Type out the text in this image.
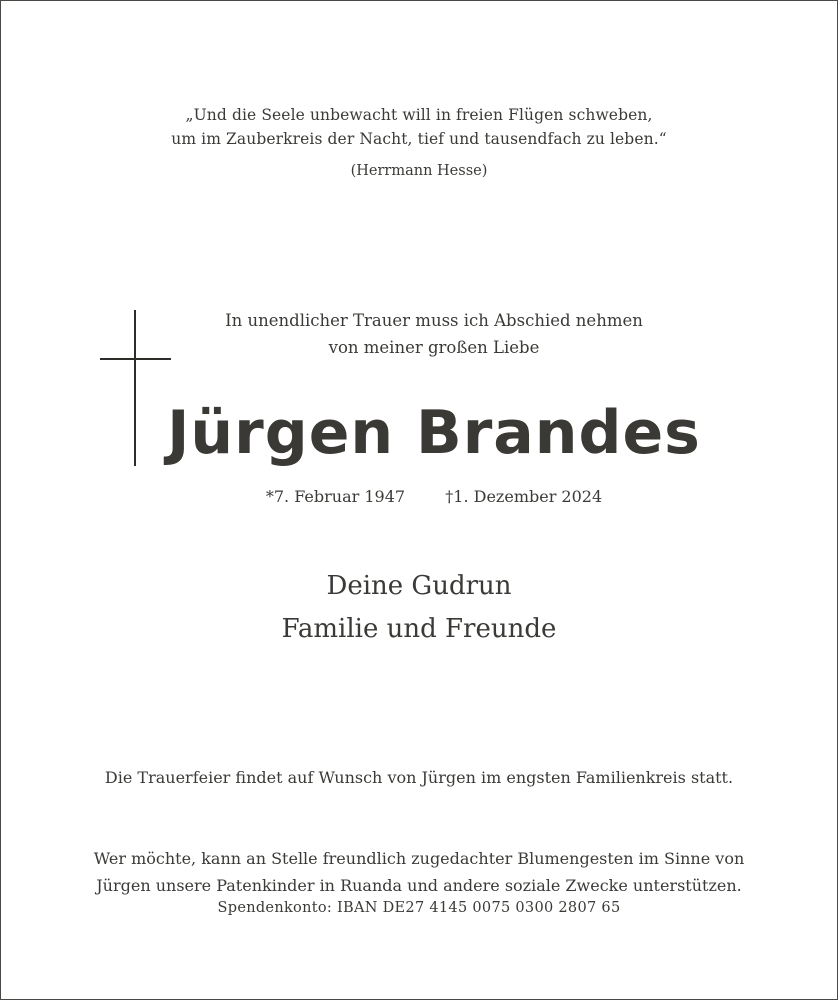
„Und die Seele unbewacht will in freien Flügen schweben,
um im Zauberkreis der Nacht, tief und tausendfach zu leben.“
(Herrmann Hesse)
In unendlicher Trauer muss ich Abschied nehmen
von meiner großen Liebe
Jürgen Brandes
*7. Februar 1947	†1. Dezember 2024
Deine Gudrun
Familie und Freunde
Die Trauerfeier findet auf Wunsch von Jürgen im engsten Familienkreis statt.
Wer möchte, kann an Stelle freundlich zugedachter Blumengesten im Sinne von
Jürgen unsere Patenkinder in Ruanda und andere soziale Zwecke unterstützen.
Spendenkonto: IBAN DE27 4145 0075 0300 2807 65
